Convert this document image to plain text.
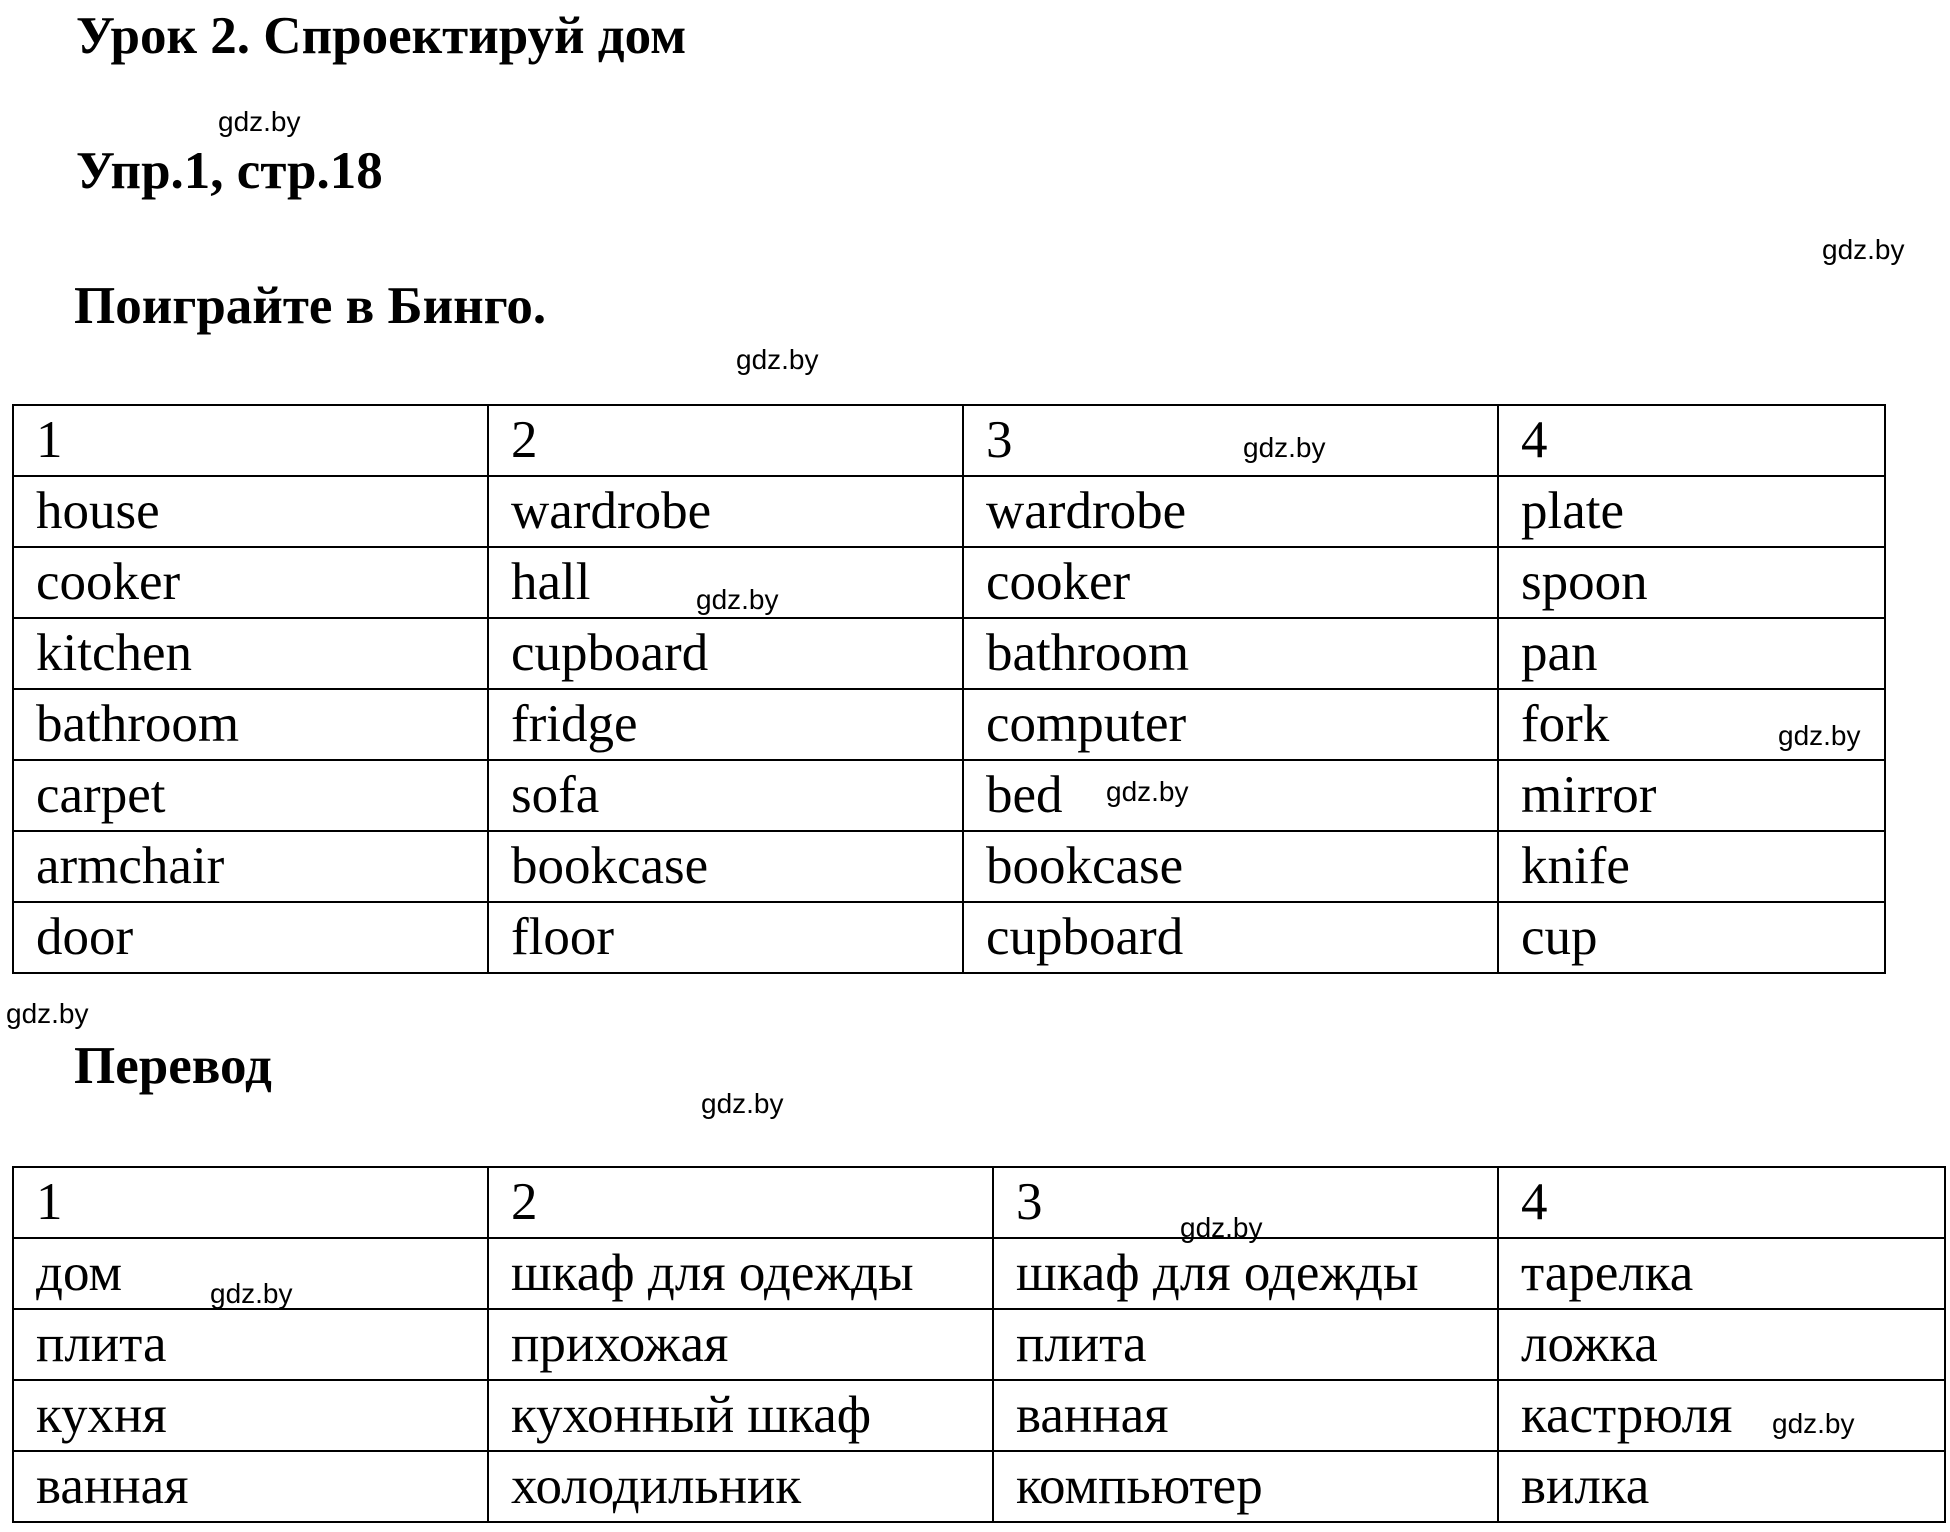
Урок 2. Спроектируй дом
Упр.1, стр.18
Поиграйте в Бинго.
1	2	3	4
house	wardrobe	wardrobe	plate
cooker	hall	cooker	spoon
kitchen	cupboard	bathroom	pan
bathroom	fridge	computer	fork
carpet	sofa	bed	mirror
armchair	bookcase	bookcase	knife
door	floor	cupboard	cup
Перевод
1	2	3	4
дом	шкаф для одежды	шкаф для одежды	тарелка
плита	прихожая	плита	ложка
кухня	кухонный шкаф	ванная	кастрюля
ванная	холодильник	компьютер	вилка
gdz.by
gdz.by
gdz.by
gdz.by
gdz.by
gdz.by
gdz.by
gdz.by
gdz.by
gdz.by
gdz.by
gdz.by
